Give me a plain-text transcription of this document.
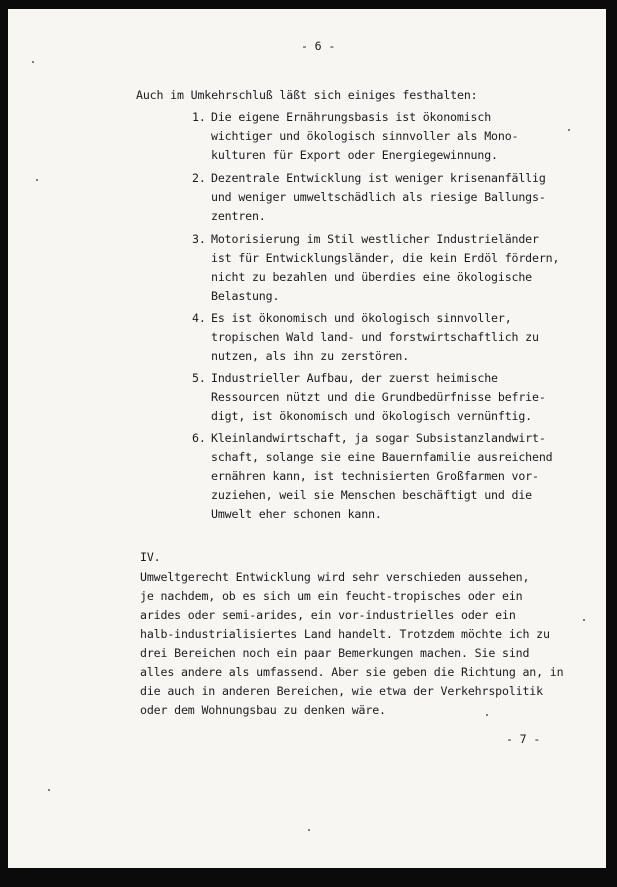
- 6 -
Auch im Umkehrschluß läßt sich einiges festhalten:
1. Die eigene Ernährungsbasis ist ökonomisch
wichtiger und ökologisch sinnvoller als Mono-
kulturen für Export oder Energiegewinnung.
2. Dezentrale Entwicklung ist weniger krisenanfällig
und weniger umweltschädlich als riesige Ballungs-
zentren.
3. Motorisierung im Stil westlicher Industrieländer
ist für Entwicklungsländer, die kein Erdöl fördern,
nicht zu bezahlen und überdies eine ökologische
Belastung.
4. Es ist ökonomisch und ökologisch sinnvoller,
tropischen Wald land- und forstwirtschaftlich zu
nutzen, als ihn zu zerstören.
5. Industrieller Aufbau, der zuerst heimische
Ressourcen nützt und die Grundbedürfnisse befrie-
digt, ist ökonomisch und ökologisch vernünftig.
6. Kleinlandwirtschaft, ja sogar Subsistanzlandwirt-
schaft, solange sie eine Bauernfamilie ausreichend
ernähren kann, ist technisierten Großfarmen vor-
zuziehen, weil sie Menschen beschäftigt und die
Umwelt eher schonen kann.
IV.
Umweltgerecht Entwicklung wird sehr verschieden aussehen,
je nachdem, ob es sich um ein feucht-tropisches oder ein
arides oder semi-arides, ein vor-industrielles oder ein
halb-industrialisiertes Land handelt. Trotzdem möchte ich zu
drei Bereichen noch ein paar Bemerkungen machen. Sie sind
alles andere als umfassend. Aber sie geben die Richtung an, in
die auch in anderen Bereichen, wie etwa der Verkehrspolitik
oder dem Wohnungsbau zu denken wäre.
- 7 -
